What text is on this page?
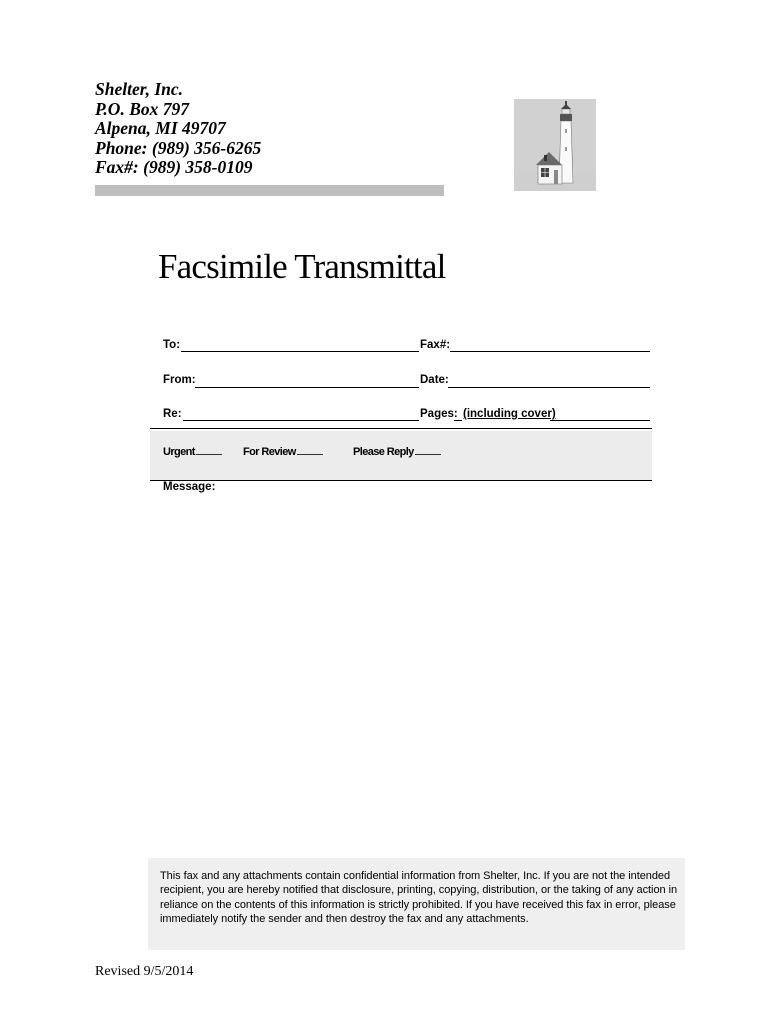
Shelter, Inc.
P.O. Box 797
Alpena, MI 49707
Phone: (989) 356-6265
Fax#: (989) 358-0109
Facsimile Transmittal
To:	Fax#:
From:	Date:
Re:	Pages: (including cover)
Urgent	For Review	Please Reply
Message:

This fax and any attachments contain confidential information from Shelter, Inc. If you are not the intended recipient, you are hereby notified that disclosure, printing, copying, distribution, or the taking of any action in reliance on the contents of this information is strictly prohibited. If you have received this fax in error, please immediately notify the sender and then destroy the fax and any attachments.

Revised 9/5/2014
